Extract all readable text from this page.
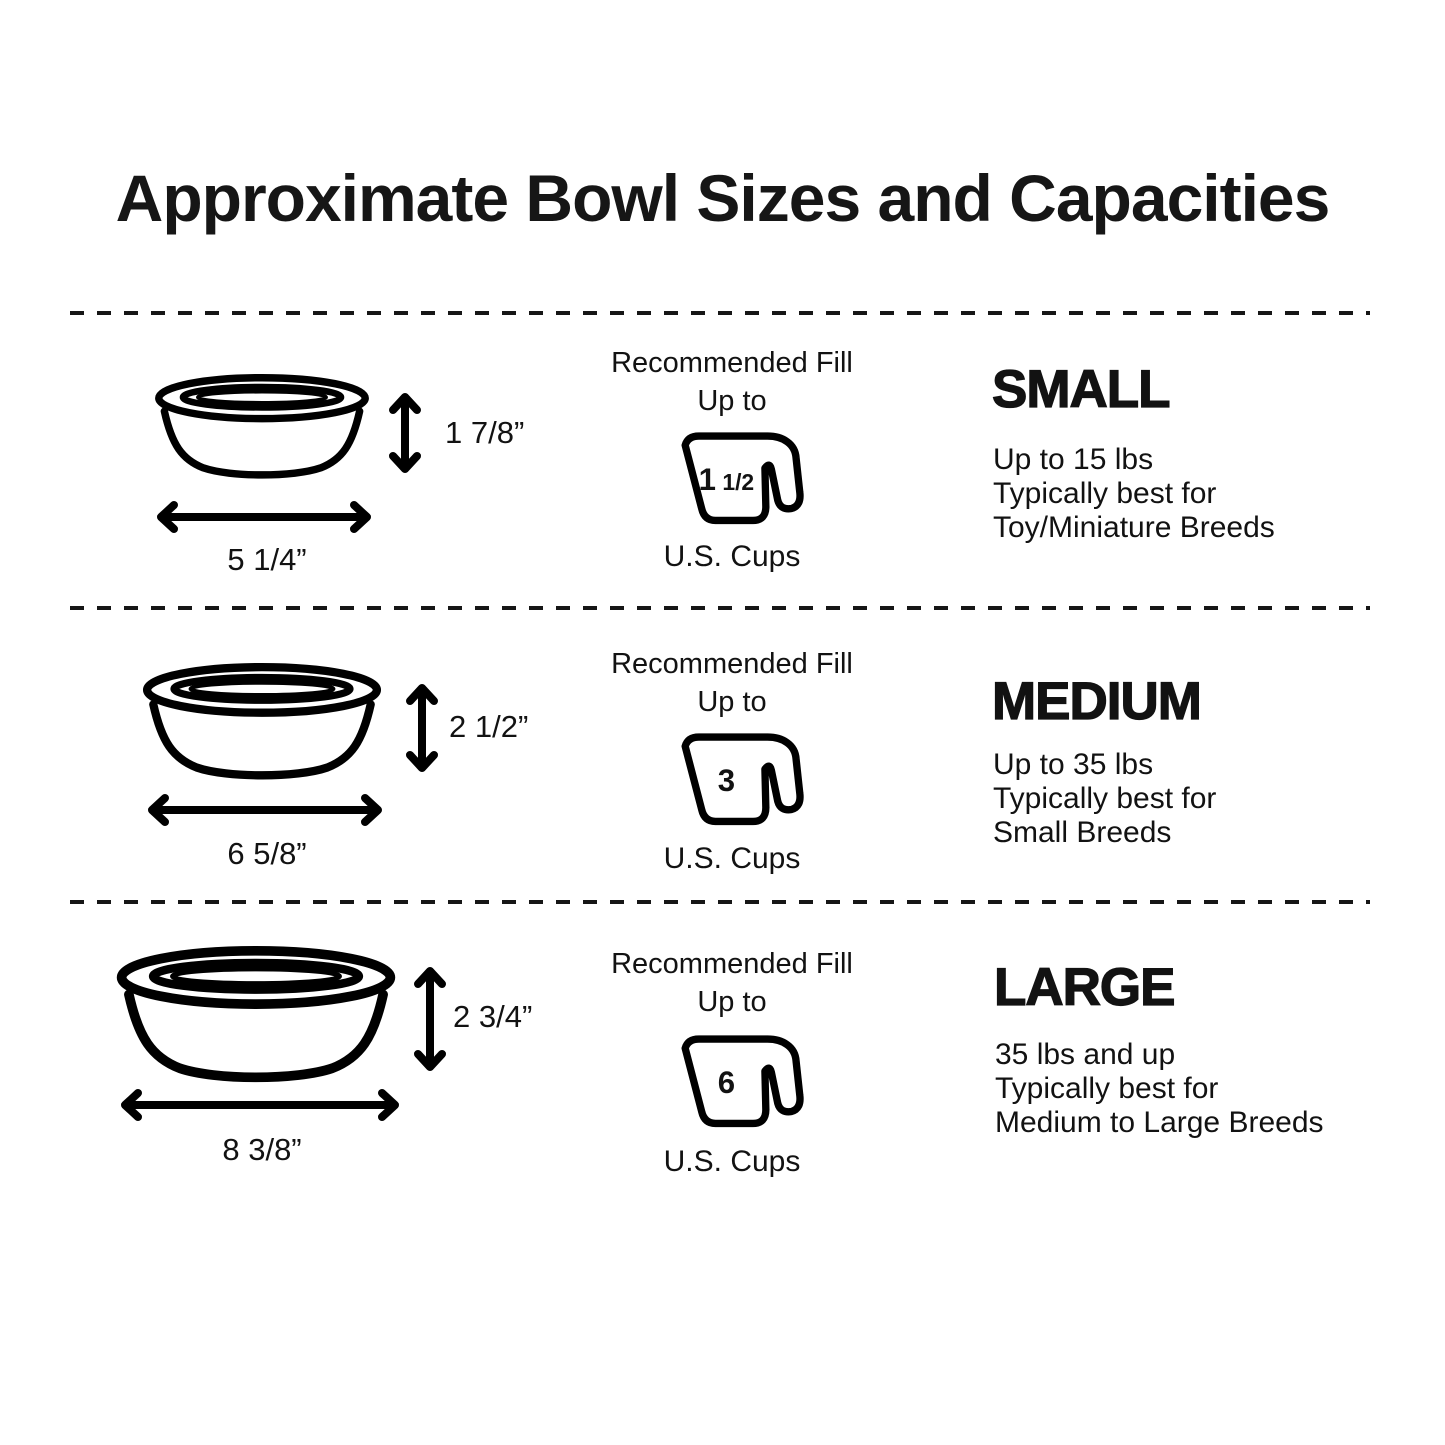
Approximate Bowl Sizes and Capacities
1 7/8”
5 1/4”
Recommended Fill
Up to
1 1/2
U.S. Cups
SMALL
Up to 15 lbs
Typically best for
Toy/Miniature Breeds
2 1/2”
6 5/8”
Recommended Fill
Up to
3
U.S. Cups
MEDIUM
Up to 35 lbs
Typically best for
Small Breeds
2 3/4”
8 3/8”
Recommended Fill
Up to
6
U.S. Cups
LARGE
35 lbs and up
Typically best for
Medium to Large Breeds
